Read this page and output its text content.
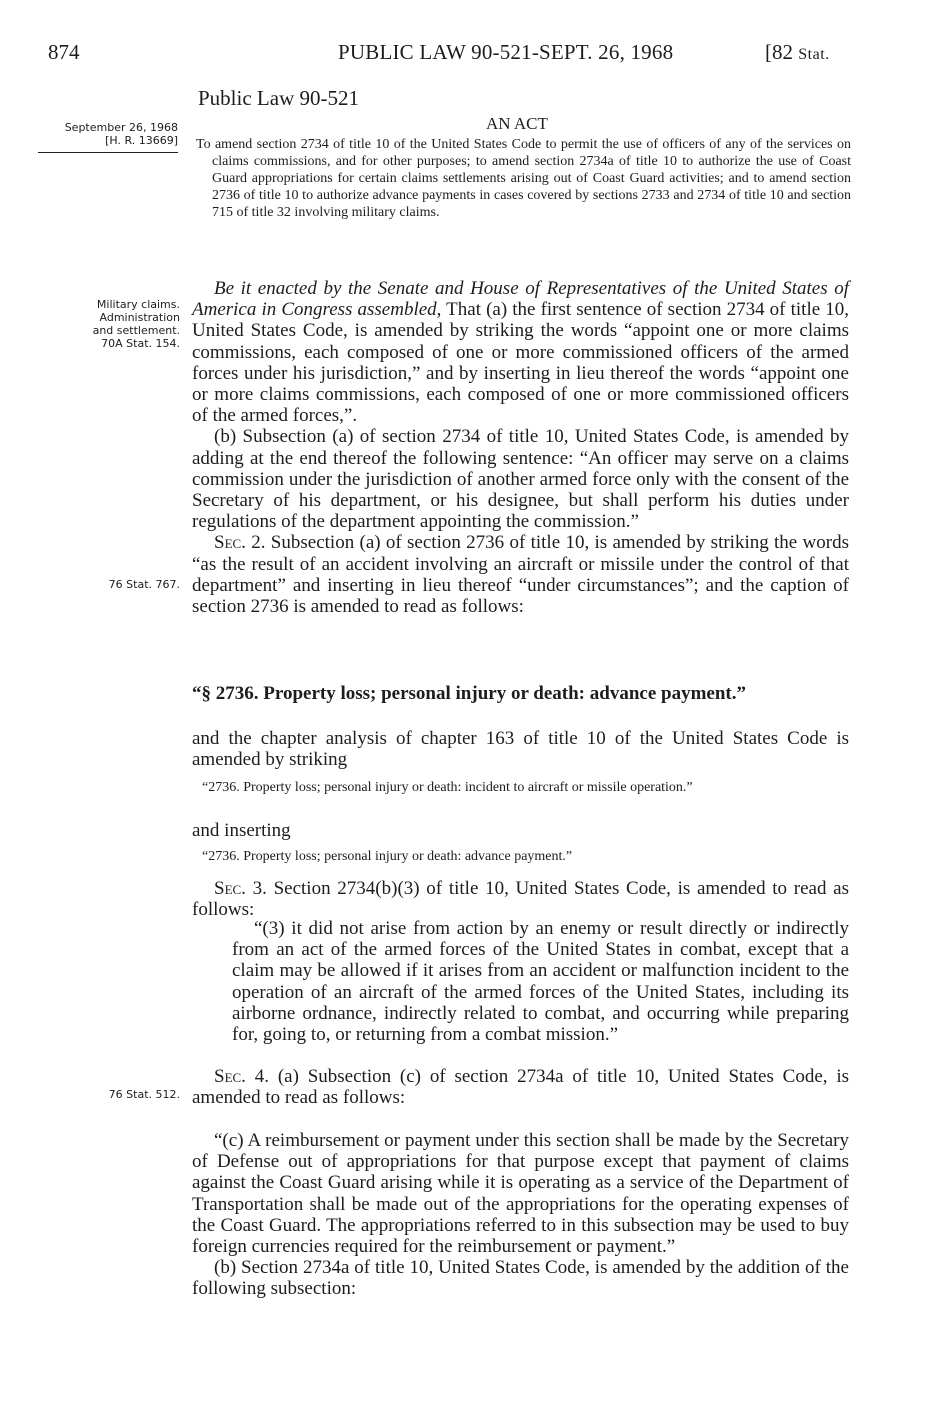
874	PUBLIC LAW 90-521-SEPT. 26, 1968	[82 Stat.
Public Law 90-521
AN ACT
September 26, 1968
[H. R. 13669] To amend section 2734 of title 10 of the United States Code to permit the use of officers of any of the services on claims commissions, and for other purposes; to amend section 2734a of title 10 to authorize the use of Coast Guard appropriations for certain claims settlements arising out of Coast Guard activities; and to amend section 2736 of title 10 to authorize advance payments in cases covered by sections 2733 and 2734 of title 10 and section 715 of title 32 involving military claims.

Military claims.
Administration
and settlement.
70A Stat. 154.
76 Stat. 767.
76 Stat. 512.

Be it enacted by the Senate and House of Representatives of the United States of America in Congress assembled, That (a) the first sentence of section 2734 of title 10, United States Code, is amended by striking the words “appoint one or more claims commissions, each composed of one or more commissioned officers of the armed forces under his jurisdiction,” and by inserting in lieu thereof the words “appoint one or more claims commissions, each composed of one or more commissioned officers of the armed forces,”.

(b) Subsection (a) of section 2734 of title 10, United States Code, is amended by adding at the end thereof the following sentence: “An officer may serve on a claims commission under the jurisdiction of another armed force only with the consent of the Secretary of his department, or his designee, but shall perform his duties under regulations of the department appointing the commission.”

Sec. 2. Subsection (a) of section 2736 of title 10, is amended by striking the words “as the result of an accident involving an aircraft or missile under the control of that department” and inserting in lieu thereof “under circumstances”; and the caption of section 2736 is amended to read as follows:

“§ 2736. Property loss; personal injury or death: advance payment.”

and the chapter analysis of chapter 163 of title 10 of the United States Code is amended by striking

“2736. Property loss; personal injury or death: incident to aircraft or missile operation.”

and inserting

“2736. Property loss; personal injury or death: advance payment.”

Sec. 3. Section 2734(b)(3) of title 10, United States Code, is amended to read as follows:

“(3) it did not arise from action by an enemy or result directly or indirectly from an act of the armed forces of the United States in combat, except that a claim may be allowed if it arises from an accident or malfunction incident to the operation of an aircraft of the armed forces of the United States, including its airborne ordnance, indirectly related to combat, and occurring while preparing for, going to, or returning from a combat mission.”

Sec. 4. (a) Subsection (c) of section 2734a of title 10, United States Code, is amended to read as follows:

“(c) A reimbursement or payment under this section shall be made by the Secretary of Defense out of appropriations for that purpose except that payment of claims against the Coast Guard arising while it is operating as a service of the Department of Transportation shall be made out of the appropriations for the operating expenses of the Coast Guard. The appropriations referred to in this subsection may be used to buy foreign currencies required for the reimbursement or payment.”

(b) Section 2734a of title 10, United States Code, is amended by the addition of the following subsection:
